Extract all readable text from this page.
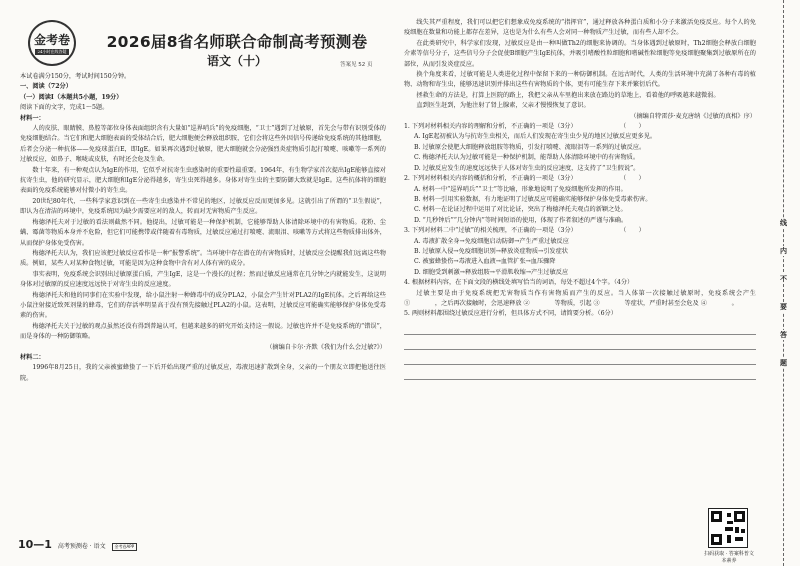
金考卷
24小时在线答疑
2026届8省名师联合命制高考预测卷
语文（十）	答案见 52 页

本试卷满分150分，考试时间150分钟。

一、阅读（72分）

（一）阅读Ⅰ（本题共5小题，19分）

阅读下面的文字，完成1～5题。

材料一：

人的皮肤、眼睛膜、鼻腔等部位身体表面组织含有大量如“巡界哨兵”的免疫细胞，“卫士”遇到了过敏原，首先会与带有识别受体的免疫细胞结合。当它们和肥大细胞表面的受体结合后，肥大细胞便会释放组织胺，它们会将这些外因信号传递给免疫系统的其他细胞，后者会分泌一种抗体——免疫球蛋白E，即IgE。如果再次遇到过敏原，肥大细胞就会分泌强烈炎症物质引起打喷嚏、咳嗽等一系列的过敏反应，如鼻子、喉咙或皮肤，有时还会危及生命。

数十年来，有一种观点认为IgE的作用，它似乎对抗寄生虫感染时的重要性最重要。1964年，有生物学家首次提出IgE能够直接对抗寄生虫，他的研究显示，肥大细胞和IgE分泌得越多，寄生虫死得越多。身体对寄生虫的主要防御大致就是IgE。这些抗体将的细胞表面的免疫系统能够对付微小的寄生虫。

20世纪80年代，一些科学家意识到在一些寄生虫感染并不常见的地区，过敏反应反而更加多见。这就引出了所谓的“卫生假说”，即认为在清洁的环境中，免疫系统因为缺少需要应对的敌人，转而对无害物质产生反应。

梅德泽托夫对于过敏的看法则截然不同。他提出，过敏可能是一种保护机制，它能够帮助人体清除环境中的有害物质。花粉、尘螨、霉菌等物质本身并不危险，但它们可能携带或伴随着有毒物质，过敏反应通过打喷嚏、流眼泪、咳嗽等方式将这些物质排出体外，从而保护身体免受伤害。

梅德泽托夫认为，我们应该把过敏反应看作是一种“报警系统”。当环境中存在潜在的有害物质时，过敏反应会提醒我们远离这些物质。例如，某些人对某种食物过敏，可能是因为这种食物中含有对人体有害的成分。

事实表明，免疫系统会识别出过敏原蛋白质，产生IgE，这是一个漫长的过程；然而过敏反应通常在几分钟之内就能发生，这说明身体对过敏原的反应速度远远快于对寄生虫的反应速度。

梅德泽托夫和他的同事们在实验中发现，给小鼠注射一种蜂毒中的成分PLA2，小鼠会产生针对PLA2的IgE抗体。之后再给这些小鼠注射接近致死剂量的蜂毒，它们的存活率明显高于没有预先接触过PLA2的小鼠。这表明，过敏反应可能确实能够保护身体免受毒素的伤害。

梅德泽托夫关于过敏的观点虽然还没有得到普遍认可，但越来越多的研究开始支持这一假说。过敏也许并不是免疫系统的“错误”，而是身体的一种防御策略。

（摘编自卡尔·齐默《我们为什么会过敏?》）

材料二：

1996年8月25日，我的父亲被蜜蜂蛰了一下后开始出现严重的过敏反应，毒液迅速扩散到全身，父亲的一个朋友立即把他送往医院。

10—1 高考预测卷 · 语文 金考卷APP

线失其严重程度，我们可以把它们想象成免疫系统的“指挥官”，通过释放各种蛋白质和小分子来激活免疫反应。每个人的免疫细胞在数量和功能上都存在差异，这也是为什么有些人会对同一种物质产生过敏，而有些人却不会。

在此类研究中，科学家们发现，过敏反应是由一种叫做Th2的细胞来协调的。当身体遇到过敏原时，Th2细胞会释放白细胞介素等信号分子，这些信号分子会促使B细胞产生IgE抗体，并吸引嗜酸性粒细胞和嗜碱性粒细胞等免疫细胞聚集到过敏原所在的部位，从而引发炎症反应。

换个角度来看，过敏可能是人类进化过程中保留下来的一种防御机制。在远古时代，人类的生活环境中充满了各种有毒的植物、动物和寄生虫，能够迅速识别并排出这些有害物质的个体，更有可能生存下来并繁衍后代。

拯救生命的方法是，打算上医院的路上，我把父亲从车里抱出来放在路边的草地上，看着他的呼吸越来越微弱。

直到医生赶到，为他注射了肾上腺素，父亲才慢慢恢复了意识。

（摘编自特雷莎·麦克唐纳《过敏的真相》序）

1. 下列对材料相关内容的理解和分析，不正确的一项是（3分）　　　　　　　　（　　）

A. IgE起初被认为与抗寄生虫相关，而后人们发现在寄生虫少见的地区过敏反应更多见。

B. 过敏原会使肥大细胞释放组胺等物质，引发打喷嚏、流眼泪等一系列的过敏反应。

C. 梅德泽托夫认为过敏可能是一种保护机制，能帮助人体清除环境中的有害物质。

D. 过敏反应发生的速度远远快于人体对寄生虫的反应速度，这支持了“卫生假说”。

2. 下列对材料相关内容的概括和分析，不正确的一项是（3分）　　　　　　　　（　　）

A. 材料一中“巡界哨兵”“卫士”等比喻，形象地说明了免疫细胞所发挥的作用。

B. 材料一引用实验数据，有力地证明了过敏反应可能确实能够保护身体免受毒素伤害。

C. 材料一在论证过程中运用了对比论证，突出了梅德泽托夫观点的新颖之处。

D. “几秒钟后”“几分钟内”等时间短语的使用，体现了作者叙述的严谨与准确。

3. 下列对材料二中“过敏”的相关梳理，不正确的一项是（3分）　　　　　　　　（　　）

A. 毒液扩散全身→免疫细胞启动防御→产生严重过敏反应

B. 过敏原入侵→免疫细胞识别→释放炎症物质→引发症状

C. 被蜜蜂蛰伤→毒液进入血液→血管扩张→血压骤降

D. 细胞受到刺激→释放组胺→平滑肌收缩→产生过敏反应

4. 根据材料内容，在下面文段的横线处填写恰当的词语，每处不超过4个字。（4分）

过敏主要是由于免疫系统把无害物质当作有害物质而产生的反应。当人体第一次接触过敏原时，免疫系统会产生 ①　　　　，之后再次接触时，会迅速释放 ②　　　　等物质，引起 ③　　　　等症状，严重时甚至会危及 ④　　　　。

5. 两则材料都围绕过敏反应进行分析，但具体方式不同，请简要分析。（6分）

扫码获取 · 答案科普文本素养
线
内
不
要
答
题
